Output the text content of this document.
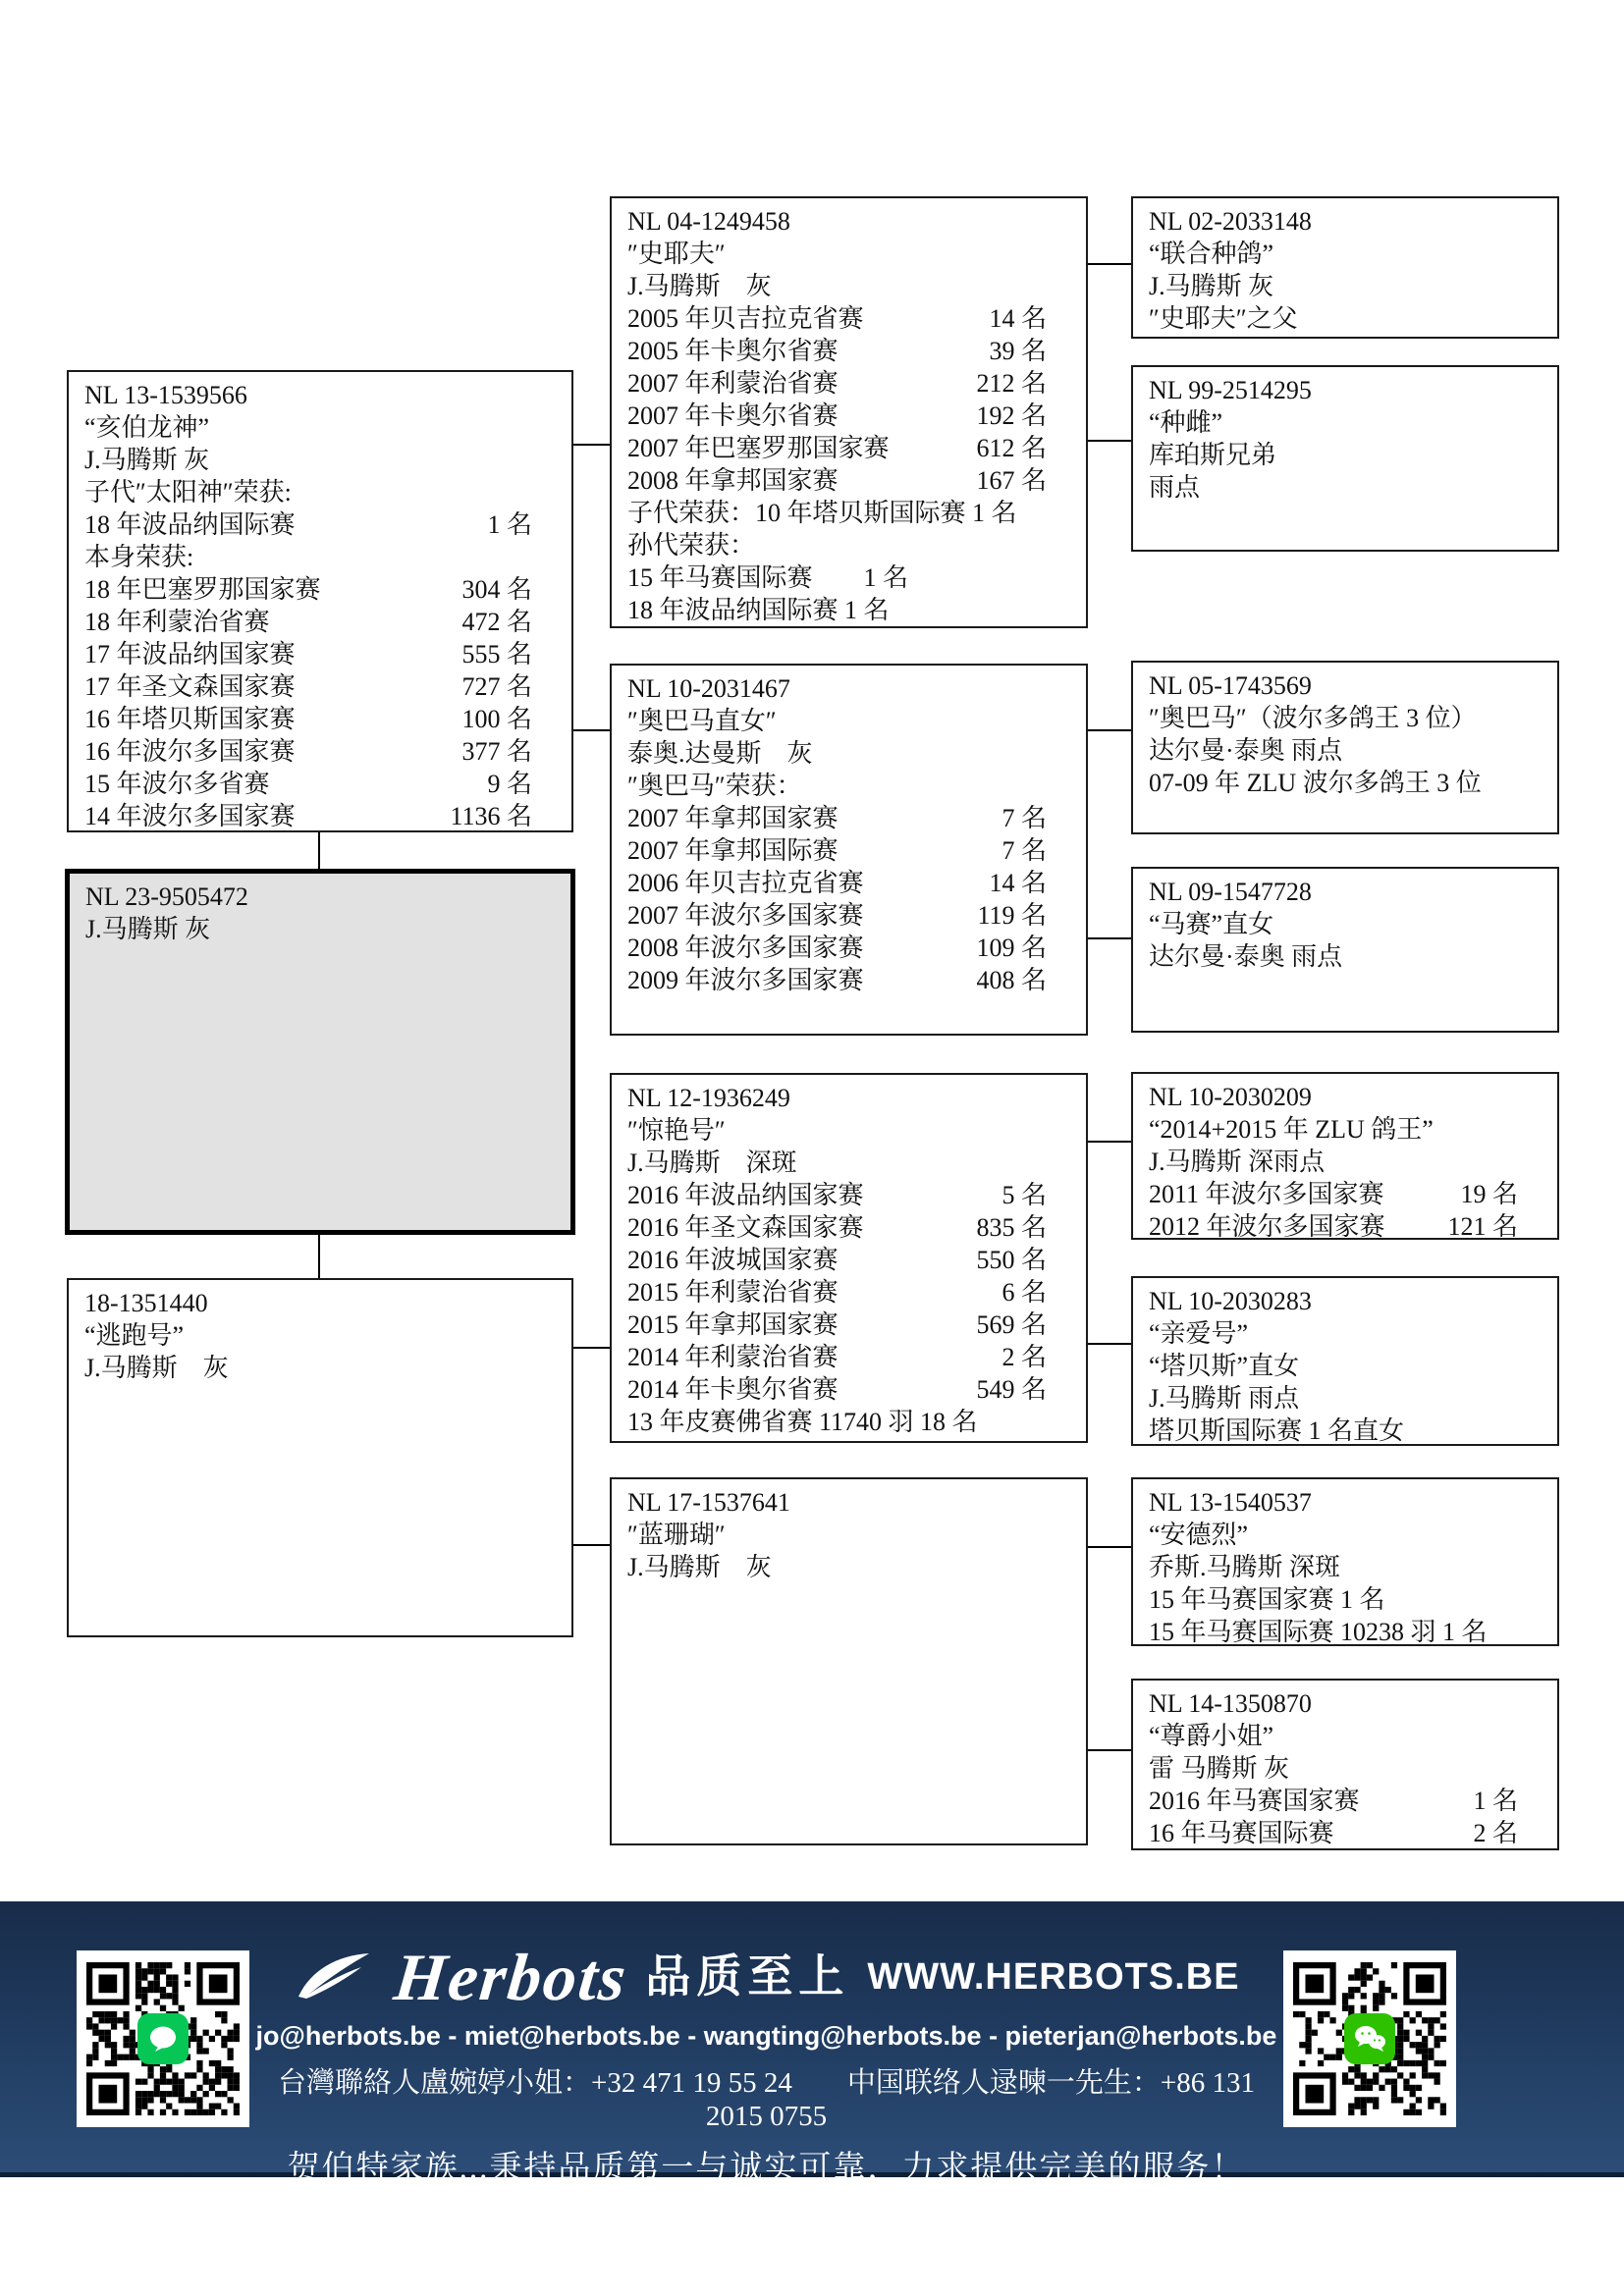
NL 13-1539566
“亥伯龙神”
J.马腾斯 灰
子代″太阳神″荣获:
18 年波品纳国际赛	1 名
本身荣获:
18 年巴塞罗那国家赛	304 名
18 年利蒙治省赛	472 名
17 年波品纳国家赛	555 名
17 年圣文森国家赛	727 名
16 年塔贝斯国家赛	100 名
16 年波尔多国家赛	377 名
15 年波尔多省赛	9 名
14 年波尔多国家赛	1136 名
NL 23-9505472
J.马腾斯 灰
18-1351440
“逃跑号”
J.马腾斯　灰
NL 04-1249458
″史耶夫″
J.马腾斯　灰
2005 年贝吉拉克省赛	14 名
2005 年卡奥尔省赛	39 名
2007 年利蒙治省赛	212 名
2007 年卡奥尔省赛	192 名
2007 年巴塞罗那国家赛	612 名
2008 年拿邦国家赛	167 名
子代荣获：10 年塔贝斯国际赛 1 名
孙代荣获：
15 年马赛国际赛　　1 名
18 年波品纳国际赛 1 名
NL 10-2031467
″奥巴马直女″
泰奥.达曼斯　灰
″奥巴马″荣获：
2007 年拿邦国家赛	7 名
2007 年拿邦国际赛	7 名
2006 年贝吉拉克省赛	14 名
2007 年波尔多国家赛	119 名
2008 年波尔多国家赛	109 名
2009 年波尔多国家赛	408 名
NL 12-1936249
″惊艳号″
J.马腾斯　深斑
2016 年波品纳国家赛	5 名
2016 年圣文森国家赛	835 名
2016 年波城国家赛	550 名
2015 年利蒙治省赛	6 名
2015 年拿邦国家赛	569 名
2014 年利蒙治省赛	2 名
2014 年卡奥尔省赛	549 名
13 年皮赛佛省赛 11740 羽 18 名
NL 17-1537641
″蓝珊瑚″
J.马腾斯　灰
NL 02-2033148
“联合种鸽”
J.马腾斯 灰
″史耶夫″之父
NL 99-2514295
“种雌”
库珀斯兄弟
雨点
NL 05-1743569
″奥巴马″（波尔多鸽王 3 位）
达尔曼·泰奥 雨点
07-09 年 ZLU 波尔多鸽王 3 位
NL 09-1547728
“马赛”直女
达尔曼·泰奥 雨点
NL 10-2030209
“2014+2015 年 ZLU 鸽王”
J.马腾斯 深雨点
2011 年波尔多国家赛	19 名
2012 年波尔多国家赛 121 名
NL 10-2030283
“亲爱号”
“塔贝斯”直女
J.马腾斯 雨点
塔贝斯国际赛 1 名直女
NL 13-1540537
“安德烈”
乔斯.马腾斯 深斑
15 年马赛国家赛 1 名
15 年马赛国际赛 10238 羽 1 名
NL 14-1350870
“尊爵小姐”
雷 马腾斯 灰
2016 年马赛国家赛	1 名
16 年马赛国际赛	2 名
Herbots 品质至上 WWW.HERBOTS.BE
jo@herbots.be - miet@herbots.be - wangting@herbots.be - pieterjan@herbots.be
台灣聯絡人盧婉婷小姐：+32 471 19 55 24 中国联络人逯暕一先生：+86 131 2015 0755
贺伯特家族...秉持品质第一与诚实可靠，力求提供完美的服务！
